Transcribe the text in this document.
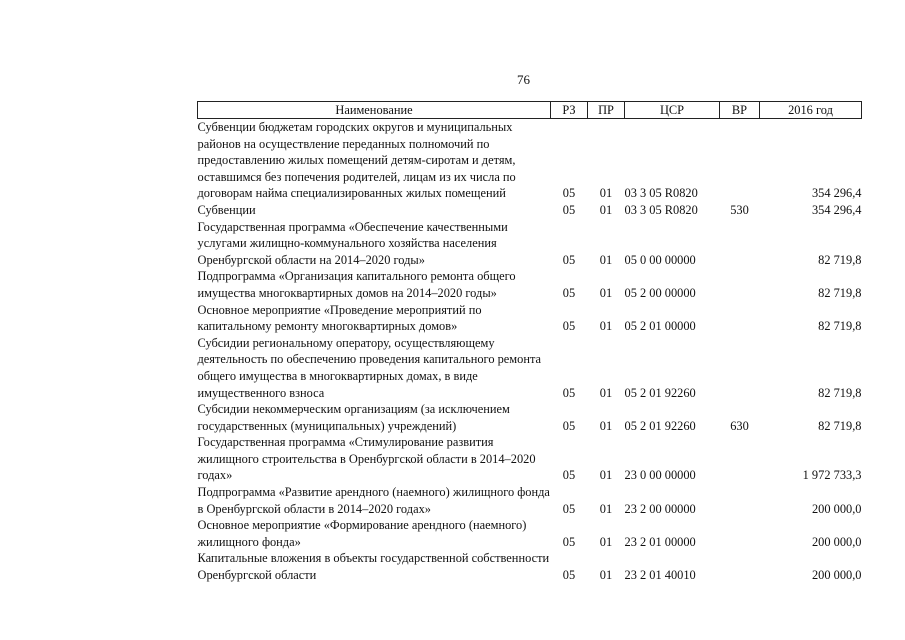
76
Наименование	РЗ	ПР	ЦСР	ВР	2016 год
Субвенции бюджетам городских округов и муниципальных районов на осуществление переданных полномочий по предоставлению жилых помещений детям-сиротам и детям, оставшимся без попечения родителей, лицам из их числа по договорам найма специализированных жилых помещений	05	01	03 3 05 R0820		354 296,4
Субвенции	05	01	03 3 05 R0820	530	354 296,4
Государственная программа «Обеспечение качественными услугами жилищно-коммунального хозяйства населения Оренбургской области на 2014–2020 годы»	05	01	05 0 00 00000		82 719,8
Подпрограмма «Организация капитального ремонта общего имущества многоквартирных домов на 2014–2020 годы»	05	01	05 2 00 00000		82 719,8
Основное мероприятие «Проведение мероприятий по капитальному ремонту многоквартирных домов»	05	01	05 2 01 00000		82 719,8
Субсидии региональному оператору, осуществляющему деятельность по обеспечению проведения капитального ремонта общего имущества в многоквартирных домах, в виде имущественного взноса	05	01	05 2 01 92260		82 719,8
Субсидии некоммерческим организациям (за исключением государственных (муниципальных) учреждений)	05	01	05 2 01 92260	630	82 719,8
Государственная программа «Стимулирование развития жилищного строительства в Оренбургской области в 2014–2020 годах»	05	01	23 0 00 00000		1 972 733,3
Подпрограмма «Развитие арендного (наемного) жилищного фонда в Оренбургской области в 2014–2020 годах»	05	01	23 2 00 00000		200 000,0
Основное мероприятие «Формирование арендного (наемного) жилищного фонда»	05	01	23 2 01 00000		200 000,0
Капитальные вложения в объекты государственной собственности Оренбургской области	05	01	23 2 01 40010		200 000,0
